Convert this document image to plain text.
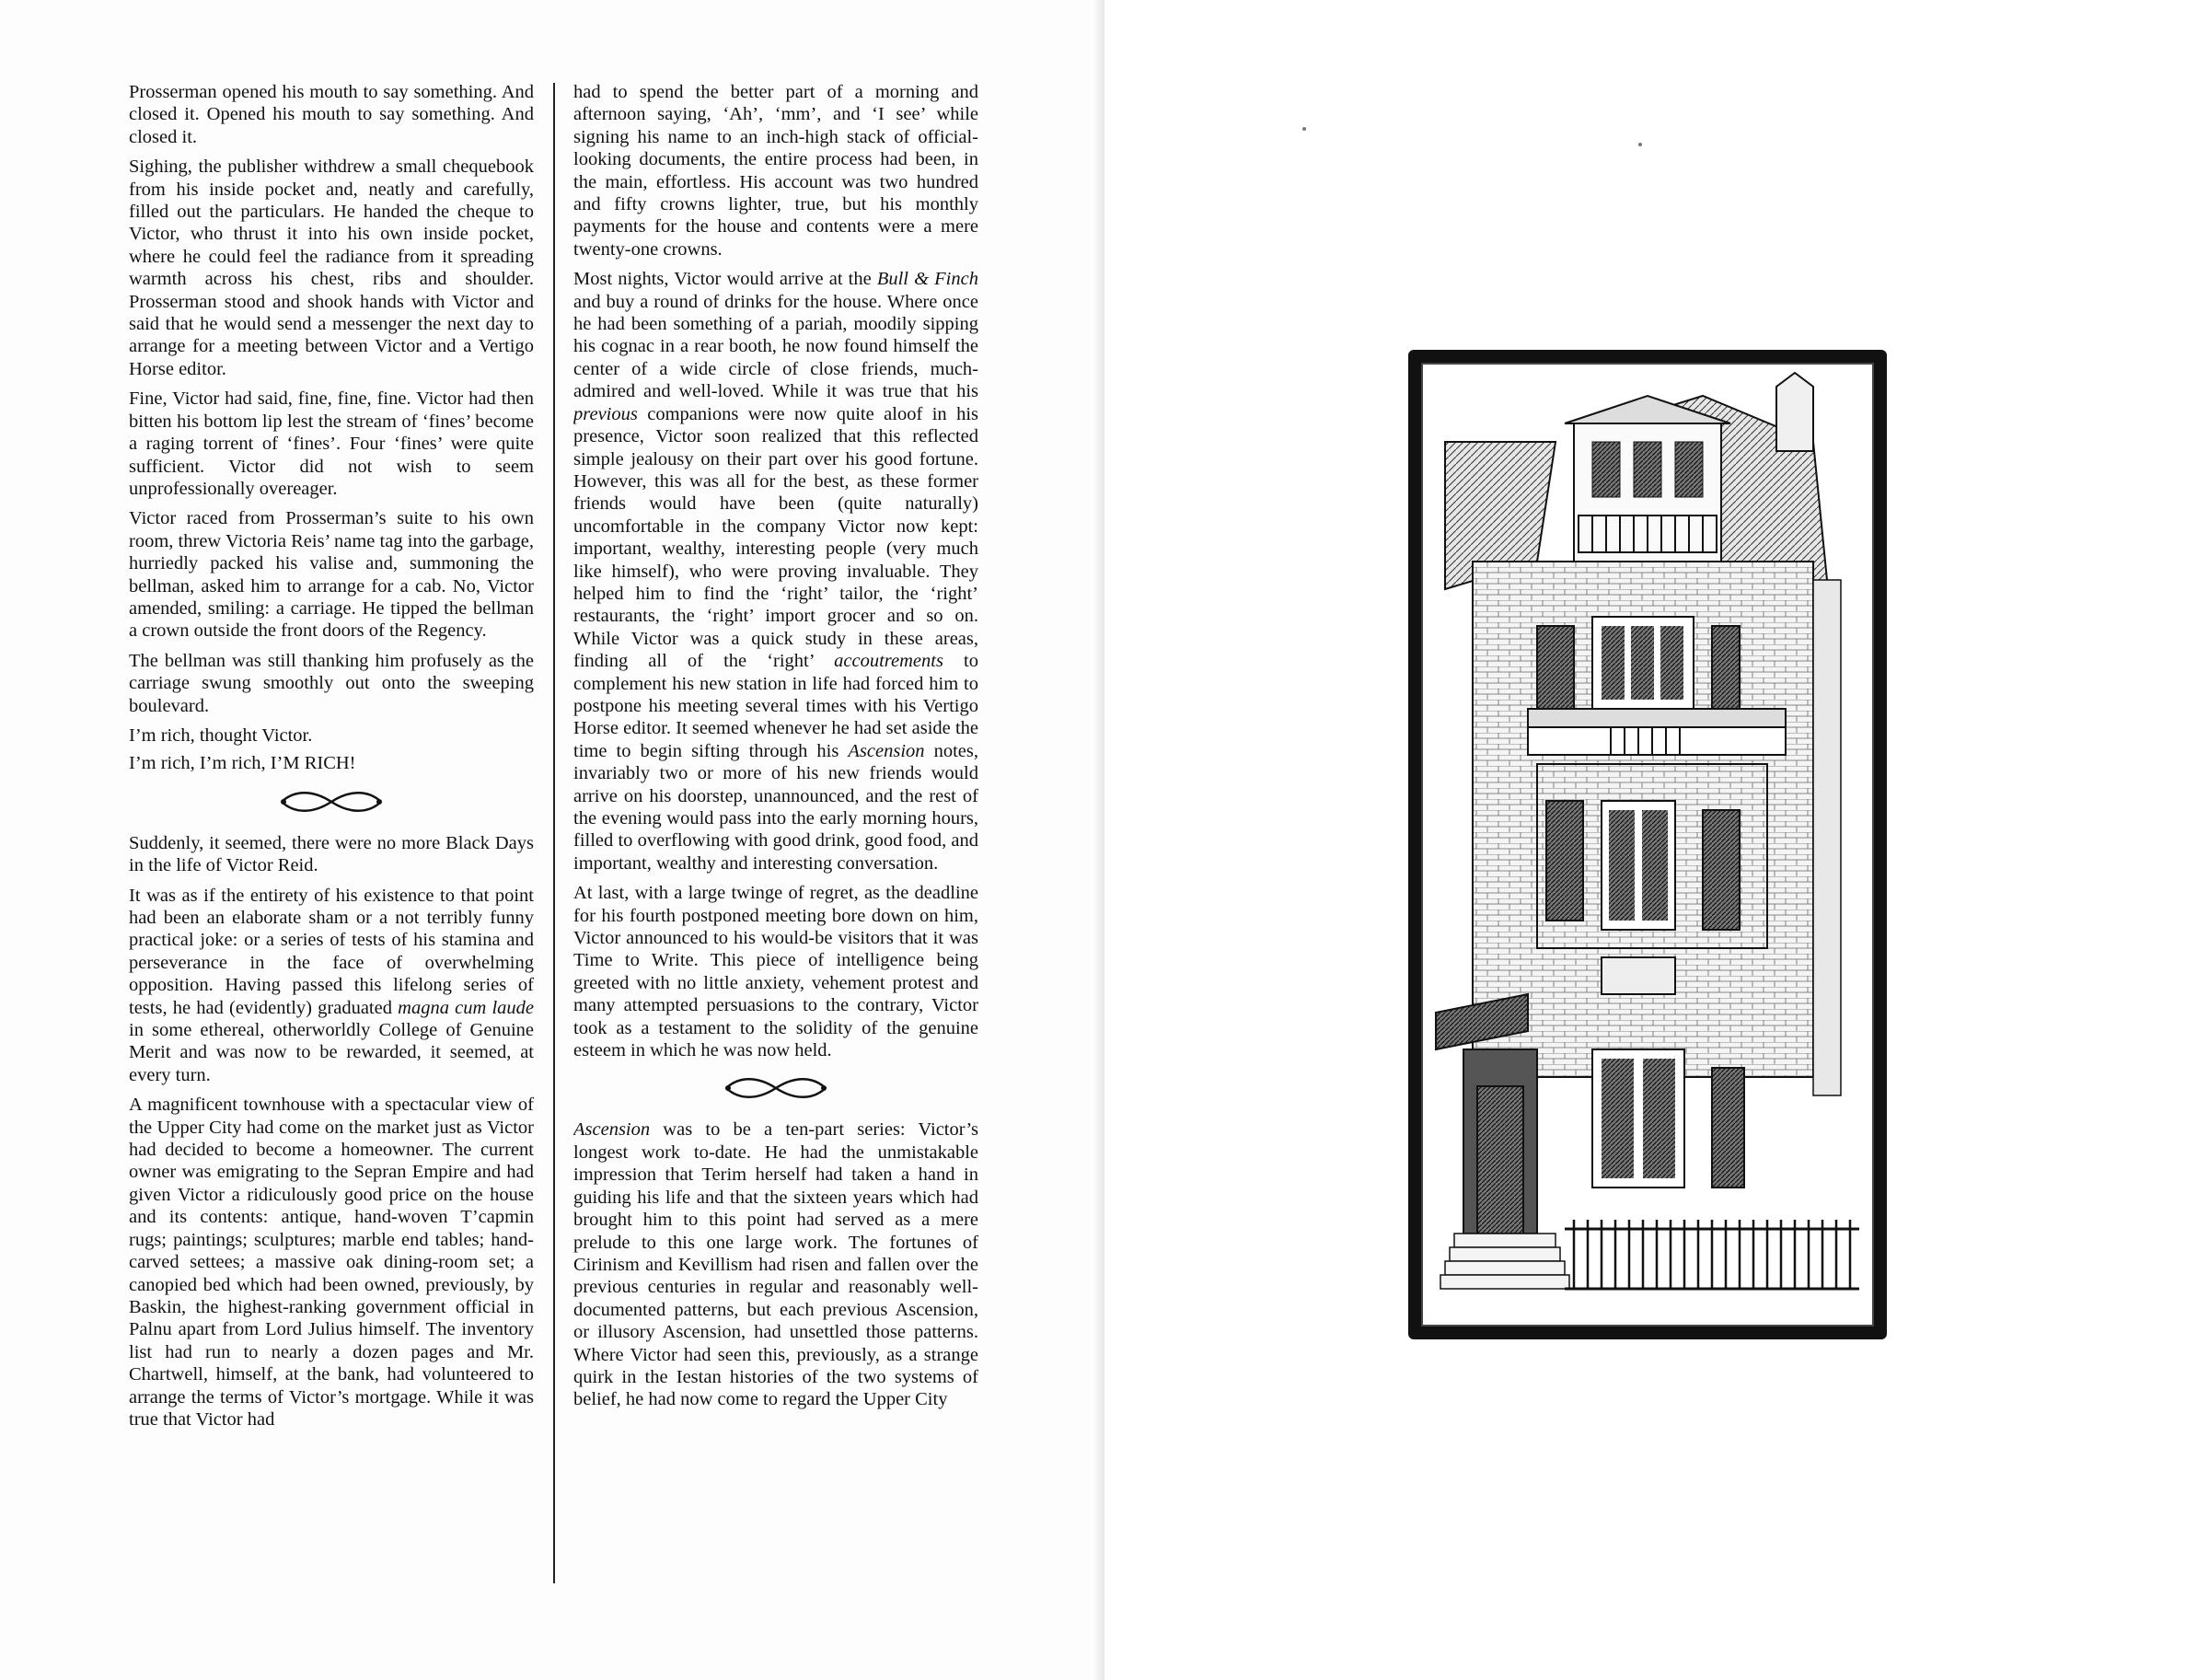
Prosserman opened his mouth to say something. And closed it. Opened his mouth to say something. And closed it.

Sighing, the publisher withdrew a small chequebook from his inside pocket and, neatly and carefully, filled out the particulars. He handed the cheque to Victor, who thrust it into his own inside pocket, where he could feel the radiance from it spreading warmth across his chest, ribs and shoulder. Prosserman stood and shook hands with Victor and said that he would send a messenger the next day to arrange for a meeting between Victor and a Vertigo Horse editor.

Fine, Victor had said, fine, fine, fine. Victor had then bitten his bottom lip lest the stream of ‘fines’ become a raging torrent of ‘fines’. Four ‘fines’ were quite sufficient. Victor did not wish to seem unprofessionally overeager.

Victor raced from Prosserman’s suite to his own room, threw Victoria Reis’ name tag into the garbage, hurriedly packed his valise and, summoning the bellman, asked him to arrange for a cab. No, Victor amended, smiling: a carriage. He tipped the bellman a crown outside the front doors of the Regency.

The bellman was still thanking him profusely as the carriage swung smoothly out onto the sweeping boulevard.

I’m rich, thought Victor.

I’m rich, I’m rich, I’M RICH!

Suddenly, it seemed, there were no more Black Days in the life of Victor Reid.

It was as if the entirety of his existence to that point had been an elaborate sham or a not terribly funny practical joke: or a series of tests of his stamina and perseverance in the face of overwhelming opposition. Having passed this lifelong series of tests, he had (evidently) graduated magna cum laude in some ethereal, otherworldly College of Genuine Merit and was now to be rewarded, it seemed, at every turn.

A magnificent townhouse with a spectacular view of the Upper City had come on the market just as Victor had decided to become a homeowner. The current owner was emigrating to the Sepran Empire and had given Victor a ridiculously good price on the house and its contents: antique, hand-woven T’capmin rugs; paintings; sculptures; marble end tables; hand-carved settees; a massive oak dining-room set; a canopied bed which had been owned, previously, by Baskin, the highest-ranking government official in Palnu apart from Lord Julius himself. The inventory list had run to nearly a dozen pages and Mr. Chartwell, himself, at the bank, had volunteered to arrange the terms of Victor’s mortgage. While it was true that Victor had

had to spend the better part of a morning and afternoon saying, ‘Ah’, ‘mm’, and ‘I see’ while signing his name to an inch-high stack of official-looking documents, the entire process had been, in the main, effortless. His account was two hundred and fifty crowns lighter, true, but his monthly payments for the house and contents were a mere twenty-one crowns.

Most nights, Victor would arrive at the Bull & Finch and buy a round of drinks for the house. Where once he had been something of a pariah, moodily sipping his cognac in a rear booth, he now found himself the center of a wide circle of close friends, much-admired and well-loved. While it was true that his previous companions were now quite aloof in his presence, Victor soon realized that this reflected simple jealousy on their part over his good fortune. However, this was all for the best, as these former friends would have been (quite naturally) uncomfortable in the company Victor now kept: important, wealthy, interesting people (very much like himself), who were proving invaluable. They helped him to find the ‘right’ tailor, the ‘right’ restaurants, the ‘right’ import grocer and so on. While Victor was a quick study in these areas, finding all of the ‘right’ accoutrements to complement his new station in life had forced him to postpone his meeting several times with his Vertigo Horse editor. It seemed whenever he had set aside the time to begin sifting through his Ascension notes, invariably two or more of his new friends would arrive on his doorstep, unannounced, and the rest of the evening would pass into the early morning hours, filled to overflowing with good drink, good food, and important, wealthy and interesting conversation.

At last, with a large twinge of regret, as the deadline for his fourth postponed meeting bore down on him, Victor announced to his would-be visitors that it was Time to Write. This piece of intelligence being greeted with no little anxiety, vehement protest and many attempted persuasions to the contrary, Victor took as a testament to the solidity of the genuine esteem in which he was now held.

Ascension was to be a ten-part series: Victor’s longest work to-date. He had the unmistakable impression that Terim herself had taken a hand in guiding his life and that the sixteen years which had brought him to this point had served as a mere prelude to this one large work. The fortunes of Cirinism and Kevillism had risen and fallen over the previous centuries in regular and reasonably well-documented patterns, but each previous Ascension, or illusory Ascension, had unsettled those patterns. Where Victor had seen this, previously, as a strange quirk in the Iestan histories of the two systems of belief, he had now come to regard the Upper City
